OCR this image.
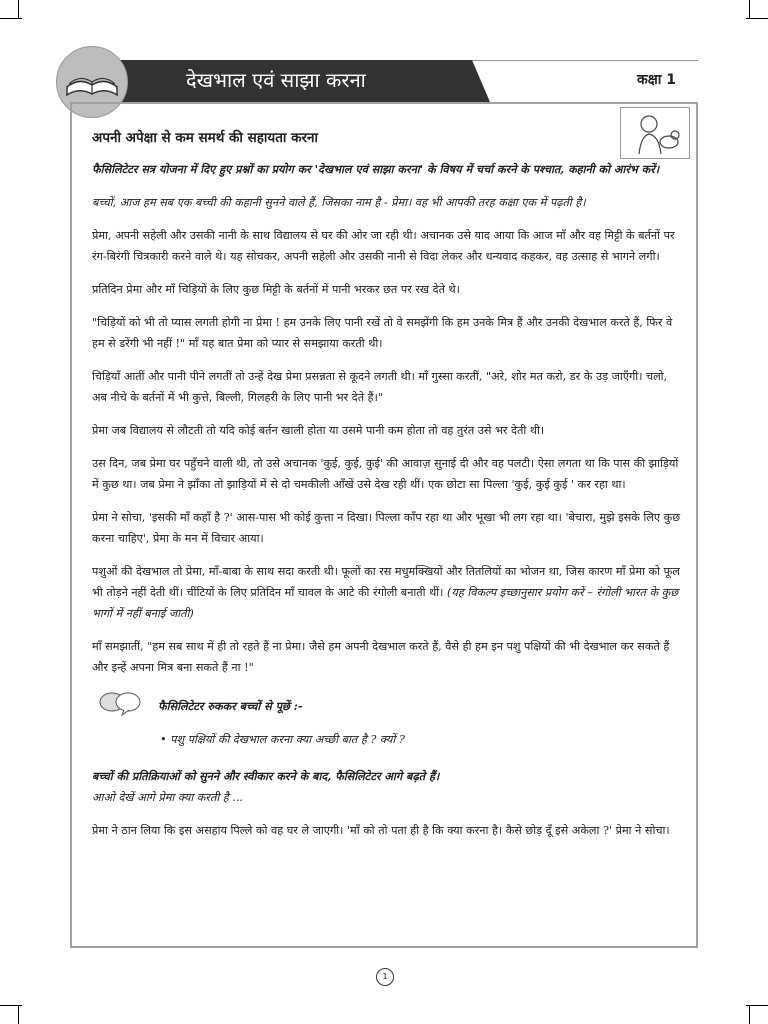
देखभाल एवं साझा करना	कक्षा 1
अपनी अपेक्षा से कम समर्थ की सहायता करना

फैसिलिटेटर सत्र योजना में दिए हुए प्रश्नों का प्रयोग कर 'देखभाल एवं साझा करना' के विषय में चर्चा करने के पश्चात, कहानी को आरंभ करें।

बच्चों, आज हम सब एक बच्ची की कहानी सुनने वाले हैं, जिसका नाम है - प्रेमा। वह भी आपकी तरह कक्षा एक में पढ़ती है।

प्रेमा, अपनी सहेली और उसकी नानी के साथ विद्यालय से घर की ओर जा रही थी। अचानक उसे याद आया कि आज माँ और वह मिट्टी के बर्तनों पर रंग-बिरंगी चित्रकारी करने वाले थे। यह सोचकर, अपनी सहेली और उसकी नानी से विदा लेकर और धन्यवाद कहकर, वह उत्साह से भागने लगी।

प्रतिदिन प्रेमा और माँ चिड़ियों के लिए कुछ मिट्टी के बर्तनों में पानी भरकर छत पर रख देते थे।

"चिड़ियों को भी तो प्यास लगती होगी ना प्रेमा ! हम उनके लिए पानी रखें तो वे समझेंगी कि हम उनके मित्र हैं और उनकी देखभाल करते हैं, फिर वे हम से डरेंगी भी नहीं !" माँ यह बात प्रेमा को प्यार से समझाया करती थी।

चिड़ियाँ आतीं और पानी पीने लगतीं तो उन्हें देख प्रेमा प्रसन्नता से कूदने लगती थी। माँ गुस्सा करतीं, "अरे, शोर मत करो, डर के उड़ जाएँगी। चलो, अब नीचे के बर्तनों में भी कुत्ते, बिल्ली, गिलहरी के लिए पानी भर देते हैं।"

प्रेमा जब विद्यालय से लौटती तो यदि कोई बर्तन खाली होता या उसमे पानी कम होता तो वह तुरंत उसे भर देती थी।

उस दिन, जब प्रेमा घर पहुँचने वाली थी, तो उसे अचानक 'कुई, कुई, कुई' की आवाज़ सुनाई दी और वह पलटी। ऐसा लगता था कि पास की झाड़ियों में कुछ था। जब प्रेमा ने झाँका तो झाड़ियों में से दो चमकीली आँखें उसे देख रही थीं। एक छोटा सा पिल्ला 'कुई, कुई कुई ' कर रहा था।

प्रेमा ने सोचा, 'इसकी माँ कहाँ है ?' आस-पास भी कोई कुत्ता न दिखा। पिल्ला काँप रहा था और भूखा भी लग रहा था। 'बेचारा, मुझे इसके लिए कुछ करना चाहिए', प्रेमा के मन में विचार आया।

पशुओं की देखभाल तो प्रेमा, माँ-बाबा के साथ सदा करती थी। फूलों का रस मधुमक्खियों और तितलियों का भोजन था, जिस कारण माँ प्रेमा को फूल भी तोड़ने नहीं देती थीं। चींटियों के लिए प्रतिदिन माँ चावल के आटे की रंगोली बनाती थीं। (यह विकल्प इच्छानुसार प्रयोग करें – रंगोली भारत के कुछ भागों में नहीं बनाई जाती)

माँ समझातीं, "हम सब साथ में ही तो रहते हैं ना प्रेमा। जैसे हम अपनी देखभाल करते हैं, वैसे ही हम इन पशु पक्षियों की भी देखभाल कर सकते हैं और इन्हें अपना मित्र बना सकते हैं ना !"

फैसिलिटेटर रुककर बच्चों से पूछें :-
• पशु पक्षियों की देखभाल करना क्या अच्छी बात है ? क्यों ?
बच्चों की प्रतिक्रियाओं को सुनने और स्वीकार करने के बाद, फैसिलिटेटर आगे बढ़ते हैं।

आओ देखें आगे प्रेमा क्या करती है ...

प्रेमा ने ठान लिया कि इस असहाय पिल्ले को वह घर ले जाएगी। 'माँ को तो पता ही है कि क्या करना है। कैसे छोड़ दूँ इसे अकेला ?' प्रेमा ने सोचा।

1
